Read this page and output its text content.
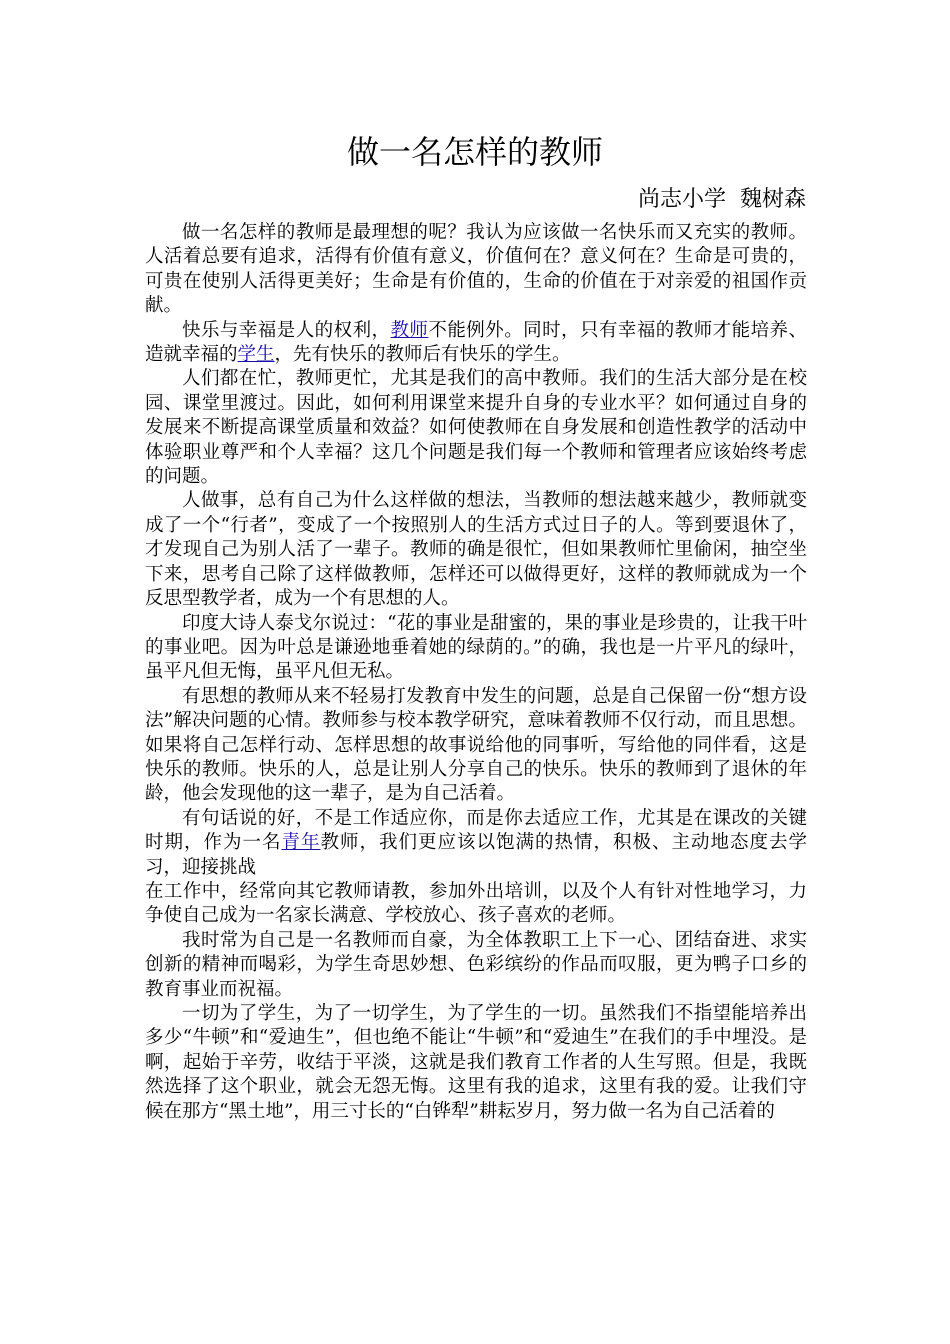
做一名怎样的教师
尚志小学  魏树森

做一名怎样的教师是最理想的呢？我认为应该做一名快乐而又充实的教师。人活着总要有追求，活得有价值有意义，价值何在？意义何在？生命是可贵的，可贵在使别人活得更美好；生命是有价值的，生命的价值在于对亲爱的祖国作贡献。

快乐与幸福是人的权利，教师不能例外。同时，只有幸福的教师才能培养、造就幸福的学生，先有快乐的教师后有快乐的学生。

人们都在忙，教师更忙，尤其是我们的高中教师。我们的生活大部分是在校园、课堂里渡过。因此，如何利用课堂来提升自身的专业水平？如何通过自身的发展来不断提高课堂质量和效益？如何使教师在自身发展和创造性教学的活动中体验职业尊严和个人幸福？这几个问题是我们每一个教师和管理者应该始终考虑的问题。

人做事，总有自己为什么这样做的想法，当教师的想法越来越少，教师就变成了一个“行者”，变成了一个按照别人的生活方式过日子的人。等到要退休了，才发现自己为别人活了一辈子。教师的确是很忙，但如果教师忙里偷闲，抽空坐下来，思考自己除了这样做教师，怎样还可以做得更好，这样的教师就成为一个反思型教学者，成为一个有思想的人。

印度大诗人泰戈尔说过：“花的事业是甜蜜的，果的事业是珍贵的，让我干叶的事业吧。因为叶总是谦逊地垂着她的绿荫的。”的确，我也是一片平凡的绿叶，虽平凡但无悔，虽平凡但无私。

有思想的教师从来不轻易打发教育中发生的问题，总是自己保留一份“想方设法”解决问题的心情。教师参与校本教学研究，意味着教师不仅行动，而且思想。如果将自己怎样行动、怎样思想的故事说给他的同事听，写给他的同伴看，这是快乐的教师。快乐的人，总是让别人分享自己的快乐。快乐的教师到了退休的年龄，他会发现他的这一辈子，是为自己活着。

有句话说的好，不是工作适应你，而是你去适应工作，尤其是在课改的关键时期，作为一名青年教师，我们更应该以饱满的热情，积极、主动地态度去学习，迎接挑战

在工作中，经常向其它教师请教，参加外出培训，以及个人有针对性地学习，力争使自己成为一名家长满意、学校放心、孩子喜欢的老师。

我时常为自己是一名教师而自豪，为全体教职工上下一心、团结奋进、求实创新的精神而喝彩，为学生奇思妙想、色彩缤纷的作品而叹服，更为鸭子口乡的教育事业而祝福。

一切为了学生，为了一切学生，为了学生的一切。虽然我们不指望能培养出多少“牛顿”和“爱迪生”，但也绝不能让“牛顿”和“爱迪生”在我们的手中埋没。是啊，起始于辛劳，收结于平淡，这就是我们教育工作者的人生写照。但是，我既然选择了这个职业，就会无怨无悔。这里有我的追求，这里有我的爱。让我们守候在那方“黑土地”，用三寸长的“白铧犁”耕耘岁月，努力做一名为自己活着的
